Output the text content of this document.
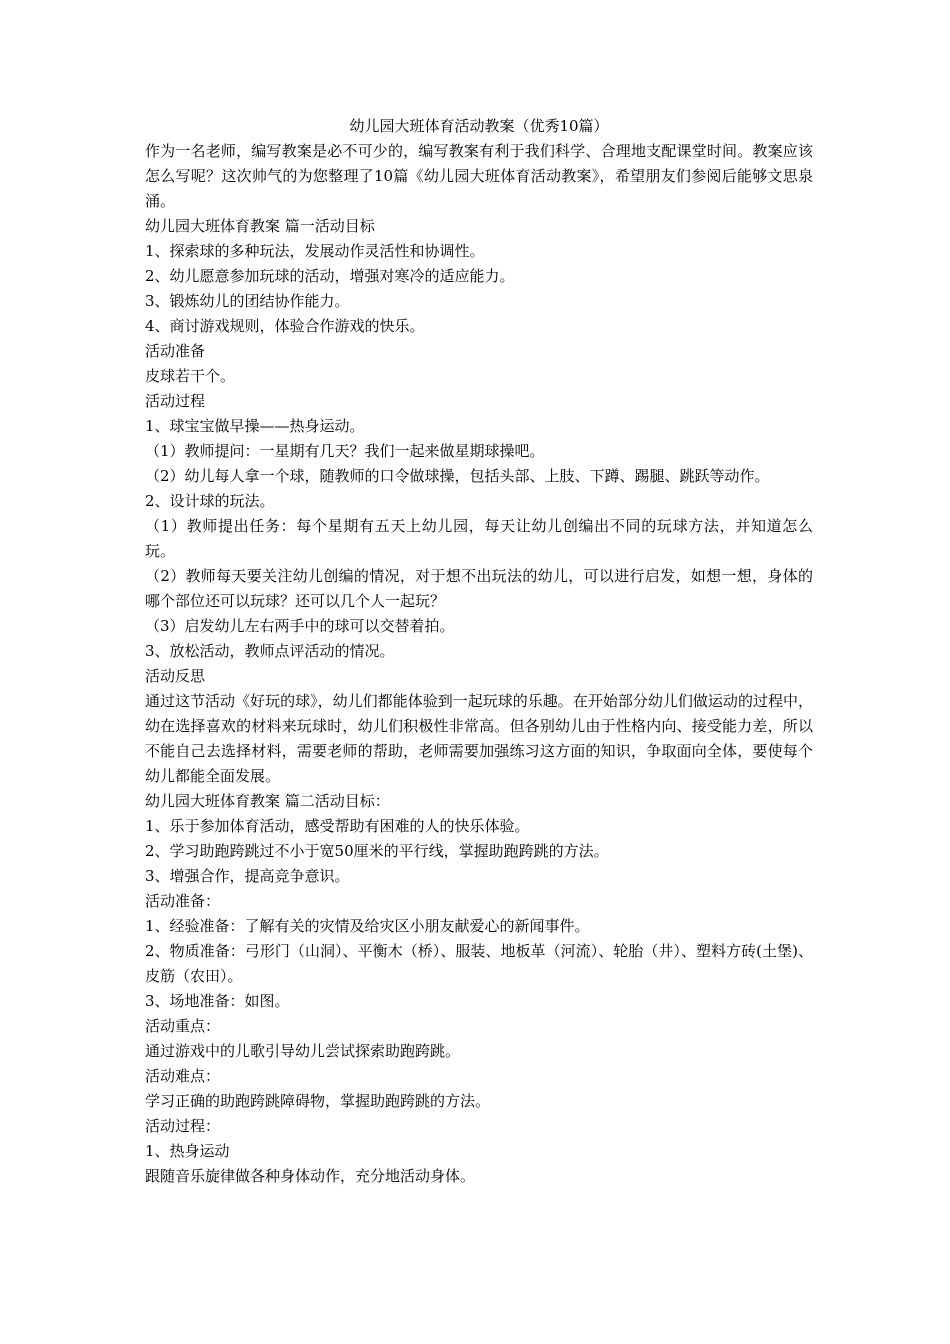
幼儿园大班体育活动教案（优秀10篇）

作为一名老师，编写教案是必不可少的，编写教案有利于我们科学、合理地支配课堂时间。教案应该怎么写呢？这次帅气的为您整理了10篇《幼儿园大班体育活动教案》，希望朋友们参阅后能够文思泉涌。

幼儿园大班体育教案 篇一活动目标

1、探索球的多种玩法，发展动作灵活性和协调性。

2、幼儿愿意参加玩球的活动，增强对寒冷的适应能力。

3、锻炼幼儿的团结协作能力。

4、商讨游戏规则，体验合作游戏的快乐。

活动准备

皮球若干个。

活动过程

1、球宝宝做早操——热身运动。

（1）教师提问：一星期有几天？我们一起来做星期球操吧。

（2）幼儿每人拿一个球，随教师的口令做球操，包括头部、上肢、下蹲、踢腿、跳跃等动作。

2、设计球的玩法。

（1）教师提出任务：每个星期有五天上幼儿园，每天让幼儿创编出不同的玩球方法，并知道怎么玩。

（2）教师每天要关注幼儿创编的情况，对于想不出玩法的幼儿，可以进行启发，如想一想，身体的哪个部位还可以玩球？还可以几个人一起玩？

（3）启发幼儿左右两手中的球可以交替着拍。

3、放松活动，教师点评活动的情况。

活动反思

通过这节活动《好玩的球》，幼儿们都能体验到一起玩球的乐趣。在开始部分幼儿们做运动的过程中，幼在选择喜欢的材料来玩球时，幼儿们积极性非常高。但各别幼儿由于性格内向、接受能力差，所以不能自己去选择材料，需要老师的帮助，老师需要加强练习这方面的知识，争取面向全体，要使每个幼儿都能全面发展。

幼儿园大班体育教案 篇二活动目标：

1、乐于参加体育活动，感受帮助有困难的人的快乐体验。

2、学习助跑跨跳过不小于宽50厘米的平行线，掌握助跑跨跳的方法。

3、增强合作，提高竞争意识。

活动准备：

1、经验准备：了解有关的灾情及给灾区小朋友献爱心的新闻事件。

2、物质准备：弓形门（山洞）、平衡木（桥）、服装、地板革（河流）、轮胎（井）、塑料方砖(土堡)、皮筋（农田）。

3、场地准备：如图。

活动重点：

通过游戏中的儿歌引导幼儿尝试探索助跑跨跳。

活动难点：

学习正确的助跑跨跳障碍物，掌握助跑跨跳的方法。

活动过程：

1、热身运动

跟随音乐旋律做各种身体动作，充分地活动身体。
